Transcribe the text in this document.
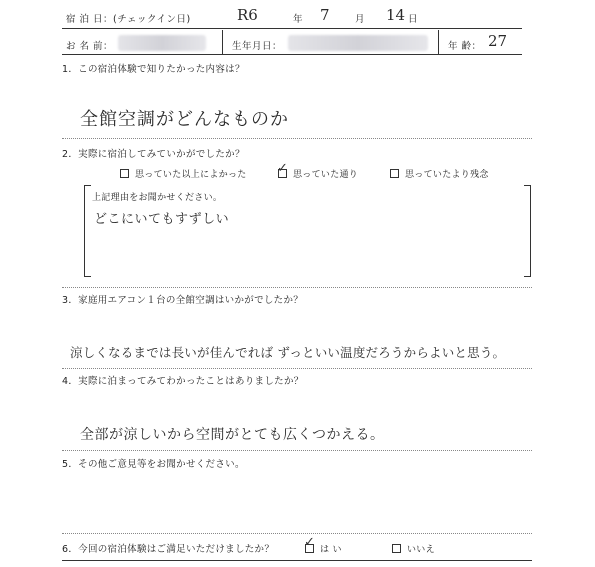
宿 泊 日：(チェックイン日)	R6	年 7	月 14 日
お 名 前：	生年月日：	年 齢： 27
1．この宿泊体験で知りたかった内容は？
全館空調がどんなものか
2．実際に宿泊してみていかがでしたか？
思っていた以上によかった	思っていた通り
✓	思っていたより残念
上記理由をお聞かせください。
どこにいてもすずしい
3．家庭用エアコン１台の全館空調はいかがでしたか？
涼しくなるまでは長いが佳んでれば ずっといい温度だろうからよいと思う。
4．実際に泊まってみてわかったことはありましたか？
全部が涼しいから空間がとても広くつかえる。
5．その他ご意見等をお聞かせください。
6．今回の宿泊体験はご満足いただけましたか？	は い
✓	いいえ
